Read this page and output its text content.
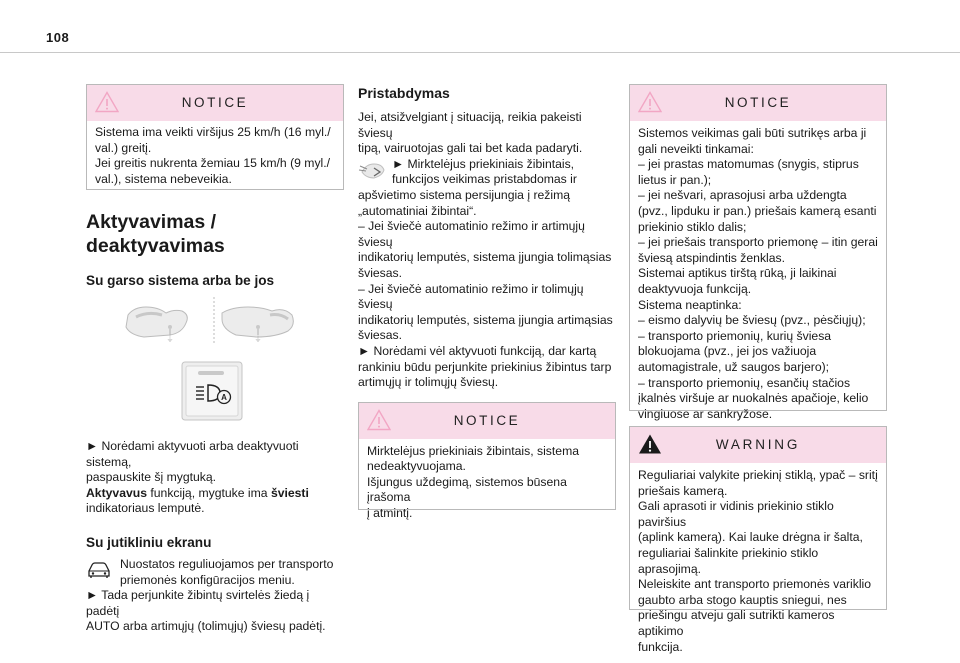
108
NOTICE

Sistema ima veikti viršijus 25 km/h (16 myl./

val.) greitį.

Jei greitis nukrenta žemiau 15 km/h (9 myl./

val.), sistema nebeveikia.

Aktyvavimas /
deaktyvavimas
Su garso sistema arba be jos
⏚	⏚
A

► Norėdami aktyvuoti arba deaktyvuoti sistemą,

paspauskite šį mygtuką.

Aktyvavus funkciją, mygtuke ima šviesti

indikatoriaus lemputė.

Su jutikliniu ekranu

Nuostatos reguliuojamos per transporto

priemonės konfigūracijos meniu.

► Tada perjunkite žibintų svirtelės žiedą į padėtį

AUTO arba artimųjų (tolimųjų) šviesų padėtį.

Pristabdymas

Jei, atsižvelgiant į situaciją, reikia pakeisti šviesų

tipą, vairuotojas gali tai bet kada padaryti.

► Mirktelėjus priekiniais žibintais,

funkcijos veikimas pristabdomas ir

apšvietimo sistema persijungia į režimą

„automatiniai žibintai“.

– Jei šviečė automatinio režimo ir artimųjų šviesų

indikatorių lemputės, sistema įjungia tolimąsias

šviesas.

– Jei šviečė automatinio režimo ir tolimųjų šviesų

indikatorių lemputės, sistema įjungia artimąsias

šviesas.

► Norėdami vėl aktyvuoti funkciją, dar kartą

rankiniu būdu perjunkite priekinius žibintus tarp

artimųjų ir tolimųjų šviesų.

NOTICE

Mirktelėjus priekiniais žibintais, sistema

nedeaktyvuojama.

Išjungus uždegimą, sistemos būsena įrašoma

į atmintį.

NOTICE

Sistemos veikimas gali būti sutrikęs arba ji

gali neveikti tinkamai:

– jei prastas matomumas (snygis, stiprus

lietus ir pan.);

– jei nešvari, aprasojusi arba uždengta

(pvz., lipduku ir pan.) priešais kamerą esanti

priekinio stiklo dalis;

– jei priešais transporto priemonę – itin gerai

šviesą atspindintis ženklas.

Sistemai aptikus tirštą rūką, ji laikinai

deaktyvuoja funkciją.

Sistema neaptinka:

– eismo dalyvių be šviesų (pvz., pėsčiųjų);

– transporto priemonių, kurių šviesa

blokuojama (pvz., jei jos važiuoja

automagistrale, už saugos barjero);

– transporto priemonių, esančių stačios

įkalnės viršuje ar nuokalnės apačioje, kelio

vingiuose ar sankryžose.

WARNING

Reguliariai valykite priekinį stiklą, ypač – sritį

priešais kamerą.

Gali aprasoti ir vidinis priekinio stiklo paviršius

(aplink kamerą). Kai lauke drėgna ir šalta,

reguliariai šalinkite priekinio stiklo aprasojimą.

Neleiskite ant transporto priemonės variklio

gaubto arba stogo kauptis sniegui, nes

priešingu atveju gali sutrikti kameros aptikimo

funkcija.
